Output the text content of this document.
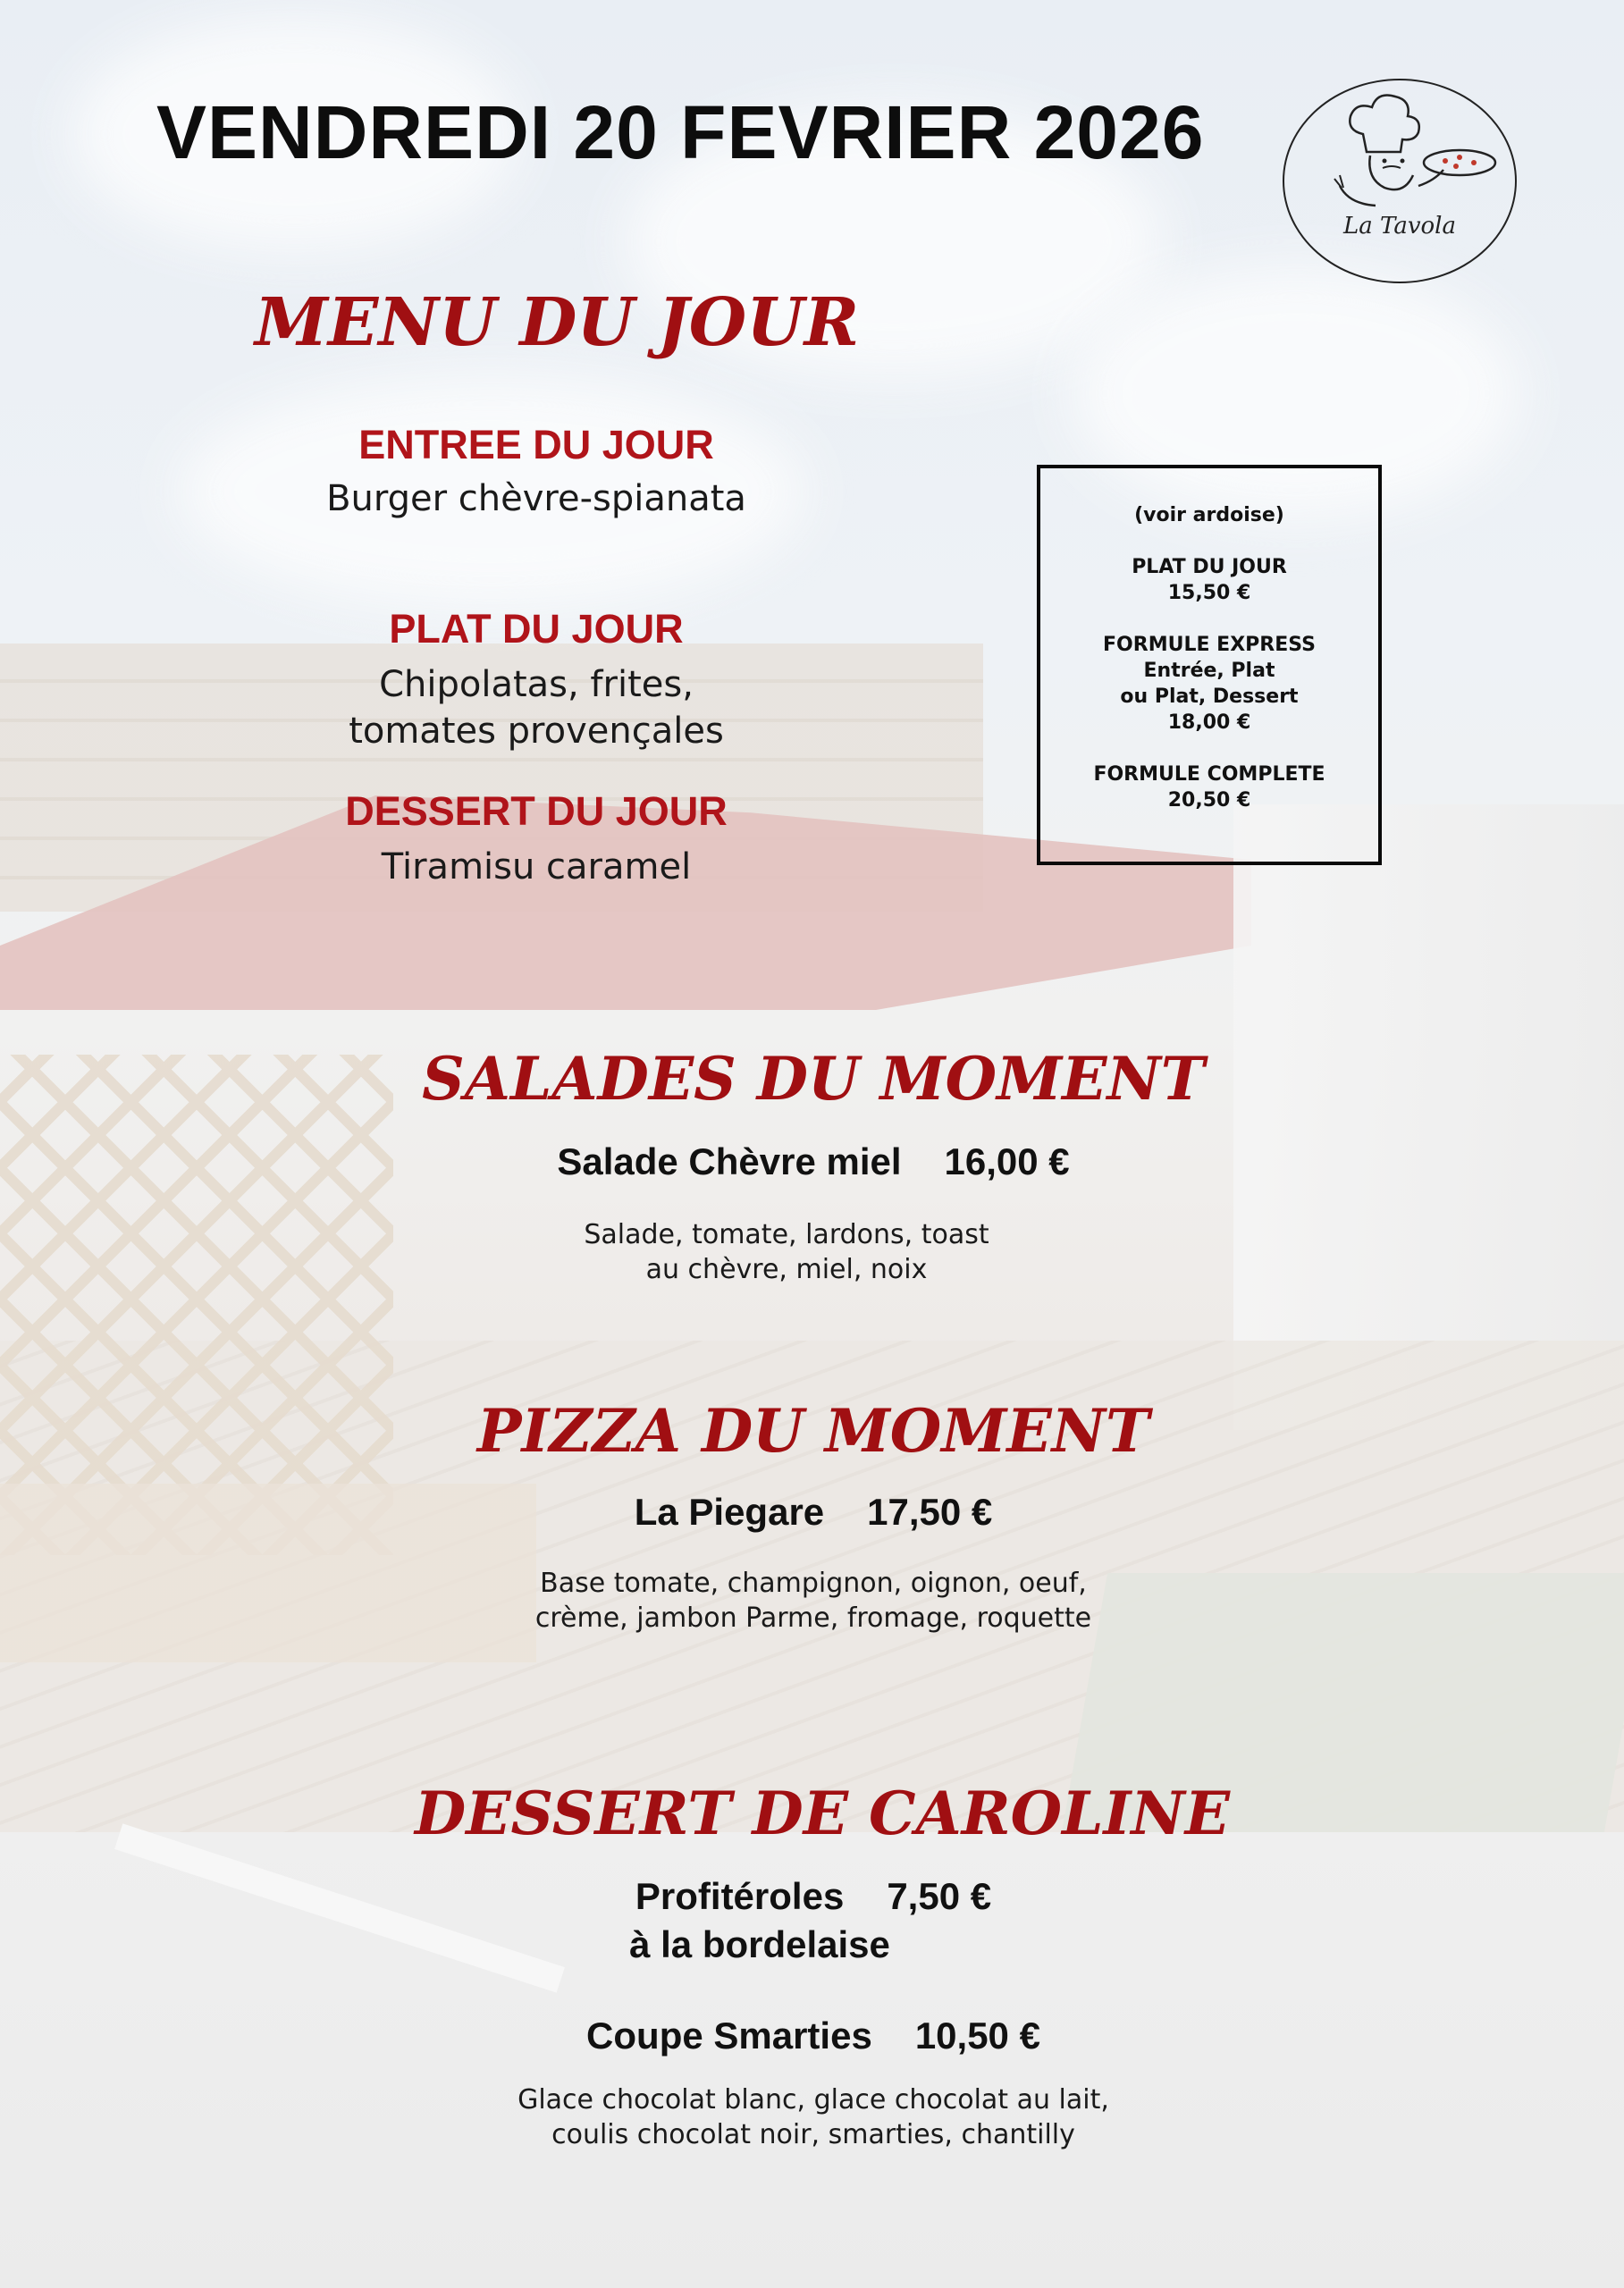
VENDREDI 20 FEVRIER 2026
La Tavola
MENU DU JOUR
ENTREE DU JOUR
Burger chèvre-spianata
PLAT DU JOUR
Chipolatas, frites,
tomates provençales
DESSERT DU JOUR
Tiramisu caramel
(voir ardoise)
PLAT DU JOUR
15,50 €
FORMULE EXPRESS
Entrée, Plat
ou Plat, Dessert
18,00 €
FORMULE COMPLETE
20,50 €
SALADES DU MOMENT
Salade Chèvre miel 16,00 €
Salade, tomate, lardons, toast
au chèvre, miel, noix
PIZZA DU MOMENT
La Piegare 17,50 €
Base tomate, champignon, oignon, oeuf,
crème, jambon Parme, fromage, roquette
DESSERT DE CAROLINE
Profitéroles 7,50 €
à la bordelaise
Coupe Smarties 10,50 €
Glace chocolat blanc, glace chocolat au lait,
coulis chocolat noir, smarties, chantilly
